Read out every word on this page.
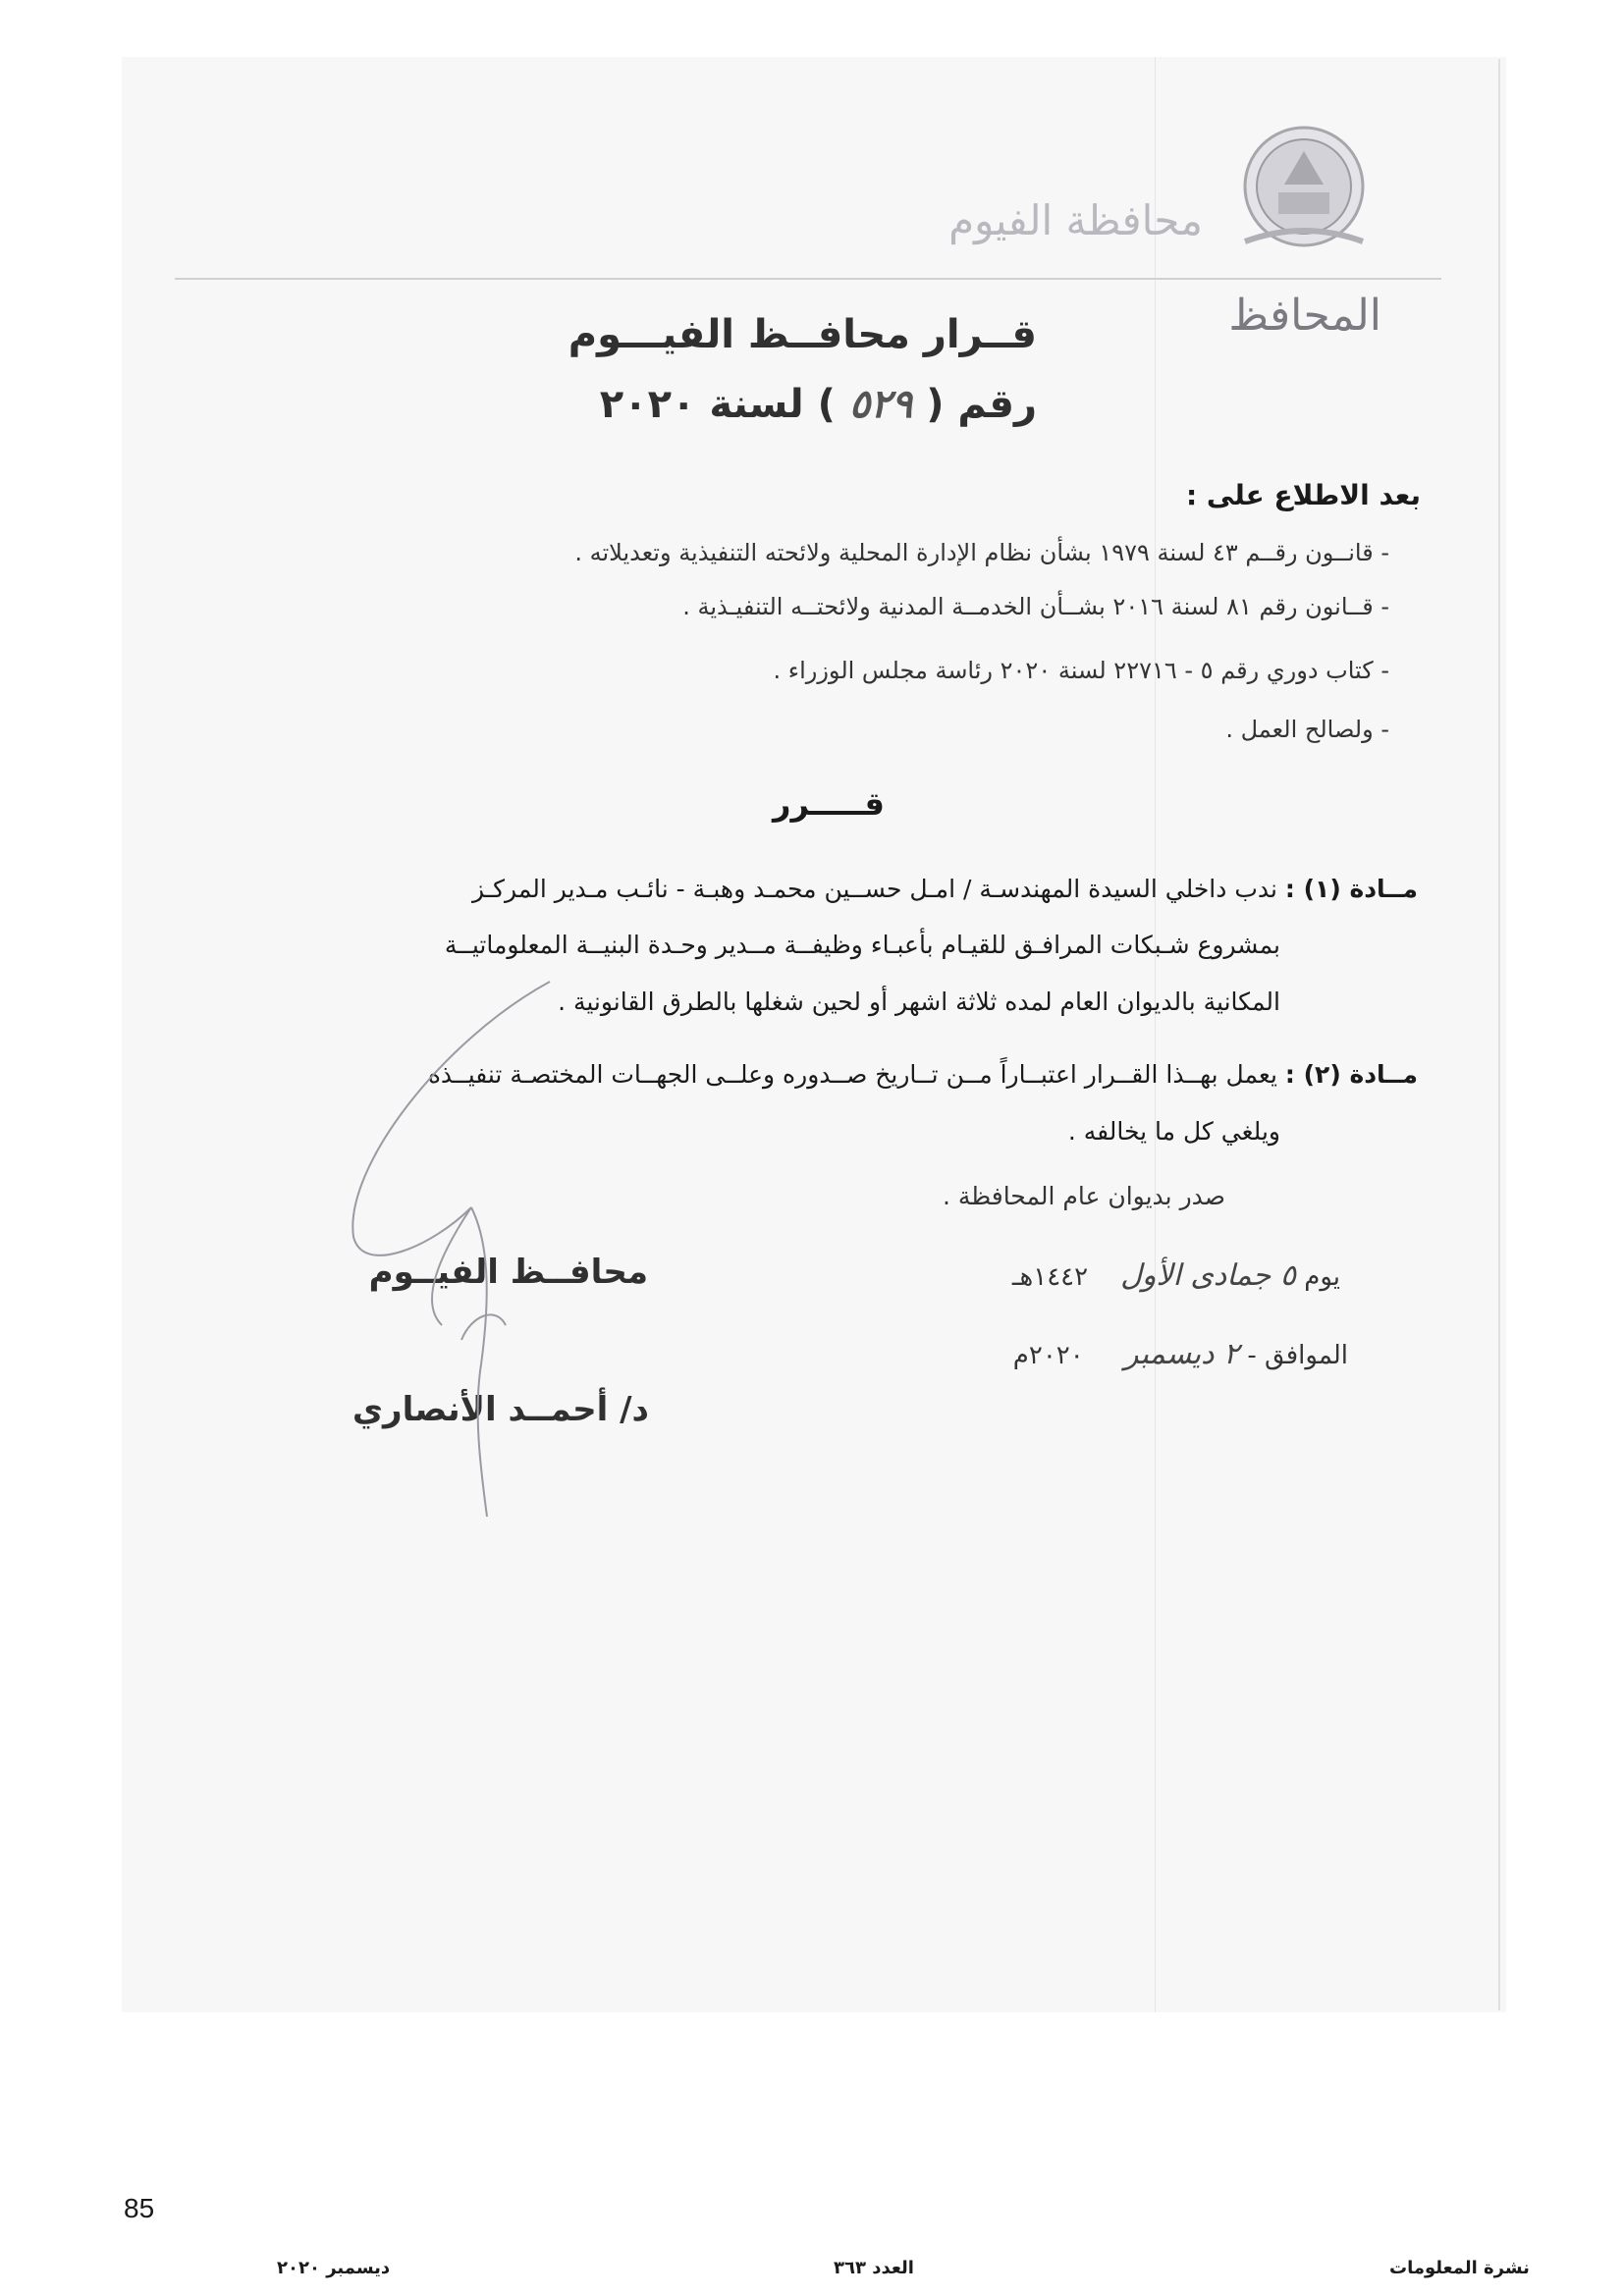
محافظة الفيوم
المحافظ
قــرار محافــظ الفيـــوم
رقم ( ٥٢٩ ) لسنة ٢٠٢٠
بعد الاطلاع على :
- قانــون رقــم ٤٣ لسنة ١٩٧٩ بشأن نظام الإدارة المحلية ولائحته التنفيذية وتعديلاته .
- قــانون رقم ٨١ لسنة ٢٠١٦ بشــأن الخدمــة المدنية ولائحتــه التنفيـذية .
- كتاب دوري رقم ٥ - ٢٢٧١٦ لسنة ٢٠٢٠ رئاسة مجلس الوزراء .
- ولصالح العمل .
قـــــرر
مــادة (١) : ندب داخلي السيدة المهندسـة / امـل حســين محمـد وهبـة - نائـب مـدير المركـز
بمشروع شـبكات المرافـق للقيـام بأعبـاء وظيفــة مــدير وحـدة البنيــة المعلوماتيــة
المكانية بالديوان العام لمده ثلاثة اشهر أو لحين شغلها بالطرق القانونية .
مــادة (٢) : يعمل بهــذا القــرار اعتبــاراً مــن تــاريخ صــدوره وعلــى الجهــات المختصـة تنفيــذه
ويلغي كل ما يخالفه .
صدر بديوان عام المحافظة .
يوم ٥ جمادى الأول    ١٤٤٢هـ
الموافق - ٢ ديسمبر     ٢٠٢٠م
محافــظ الفيــوم
د/ أحمــد الأنصاري
85
نشرة المعلومات
العدد ٣٦٣
ديسمبر ٢٠٢٠
